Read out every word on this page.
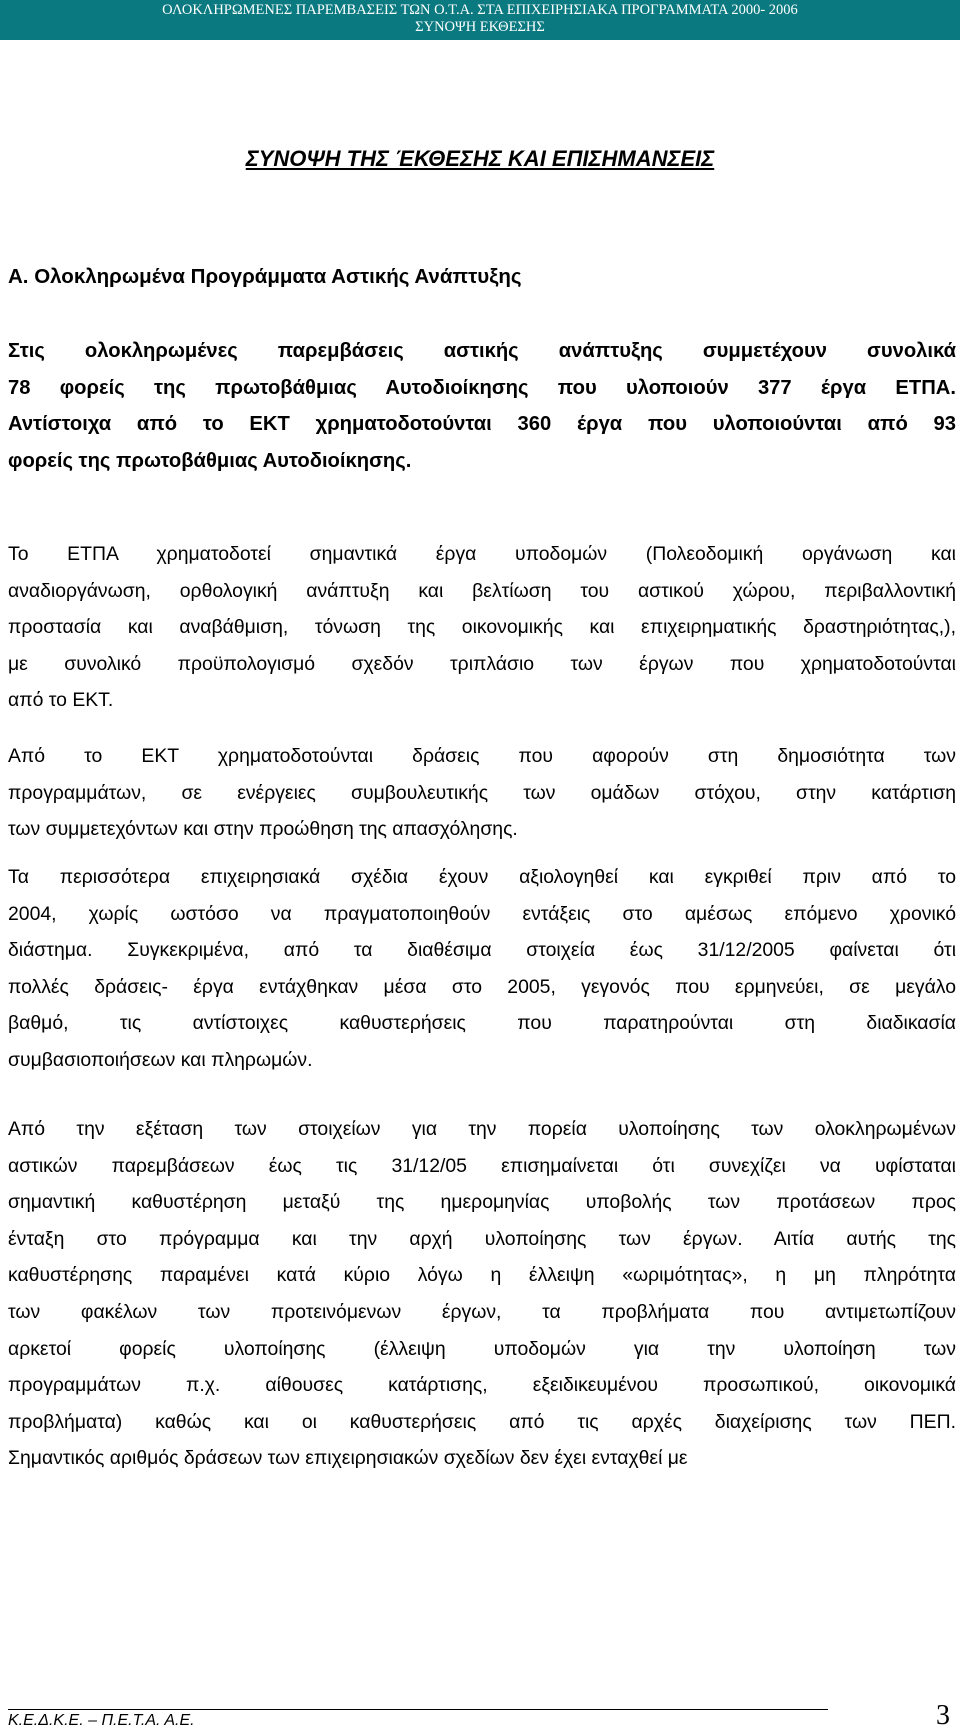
ΟΛΟΚΛΗΡΩΜΕΝΕΣ ΠΑΡΕΜΒΑΣΕΙΣ ΤΩΝ Ο.Τ.Α. ΣΤΑ ΕΠΙΧΕΙΡΗΣΙΑΚΑ ΠΡΟΓΡΑΜΜΑΤΑ 2000- 2006
ΣΥΝΟΨΗ ΕΚΘΕΣΗΣ
ΣΥΝΟΨΗ ΤΗΣ ΈΚΘΕΣΗΣ ΚΑΙ ΕΠΙΣΗΜΑΝΣΕΙΣ
Α. Ολοκληρωμένα Προγράμματα Αστικής Ανάπτυξης
Στις ολοκληρωμένες παρεμβάσεις αστικής ανάπτυξης συμμετέχουν συνολικά
78 φορείς της πρωτοβάθμιας Αυτοδιοίκησης που υλοποιούν 377 έργα ΕΤΠΑ.
Αντίστοιχα από το ΕΚΤ χρηματοδοτούνται 360 έργα που υλοποιούνται από 93
φορείς της πρωτοβάθμιας Αυτοδιοίκησης.
Το ΕΤΠΑ χρηματοδοτεί σημαντικά έργα υποδομών (Πολεοδομική οργάνωση και
αναδιοργάνωση, ορθολογική ανάπτυξη και βελτίωση του αστικού χώρου, περιβαλλοντική
προστασία και αναβάθμιση, τόνωση της οικονομικής και επιχειρηματικής δραστηριότητας,),
με συνολικό προϋπολογισμό σχεδόν τριπλάσιο των έργων που χρηματοδοτούνται
από το ΕΚΤ.
Από το ΕΚΤ χρηματοδοτούνται δράσεις που αφορούν στη δημοσιότητα των
προγραμμάτων, σε ενέργειες συμβουλευτικής των ομάδων στόχου, στην κατάρτιση
των συμμετεχόντων και στην προώθηση της απασχόλησης.
Τα περισσότερα επιχειρησιακά σχέδια έχουν αξιολογηθεί και εγκριθεί πριν από το
2004, χωρίς ωστόσο να πραγματοποιηθούν εντάξεις στο αμέσως επόμενο χρονικό
διάστημα. Συγκεκριμένα, από τα διαθέσιμα στοιχεία έως 31/12/2005 φαίνεται ότι
πολλές δράσεις- έργα εντάχθηκαν μέσα στο 2005, γεγονός που ερμηνεύει, σε μεγάλο
βαθμό, τις αντίστοιχες καθυστερήσεις που παρατηρούνται στη διαδικασία
συμβασιοποιήσεων και πληρωμών.
Από την εξέταση των στοιχείων για την πορεία υλοποίησης των ολοκληρωμένων
αστικών παρεμβάσεων έως τις 31/12/05 επισημαίνεται ότι συνεχίζει να υφίσταται
σημαντική καθυστέρηση μεταξύ της ημερομηνίας υποβολής των προτάσεων προς
ένταξη στο πρόγραμμα και την αρχή υλοποίησης των έργων. Αιτία αυτής της
καθυστέρησης παραμένει κατά κύριο λόγω η έλλειψη «ωριμότητας», η μη πληρότητα
των φακέλων των προτεινόμενων έργων, τα προβλήματα που αντιμετωπίζουν
αρκετοί φορείς υλοποίησης (έλλειψη υποδομών για την υλοποίηση των
προγραμμάτων π.χ. αίθουσες κατάρτισης, εξειδικευμένου προσωπικού, οικονομικά
προβλήματα) καθώς και οι καθυστερήσεις από τις αρχές διαχείρισης των ΠΕΠ.
Σημαντικός αριθμός δράσεων των επιχειρησιακών σχεδίων δεν έχει ενταχθεί με

Κ.Ε.Δ.Κ.Ε. – Π.Ε.Τ.Α. Α.Ε.	3
